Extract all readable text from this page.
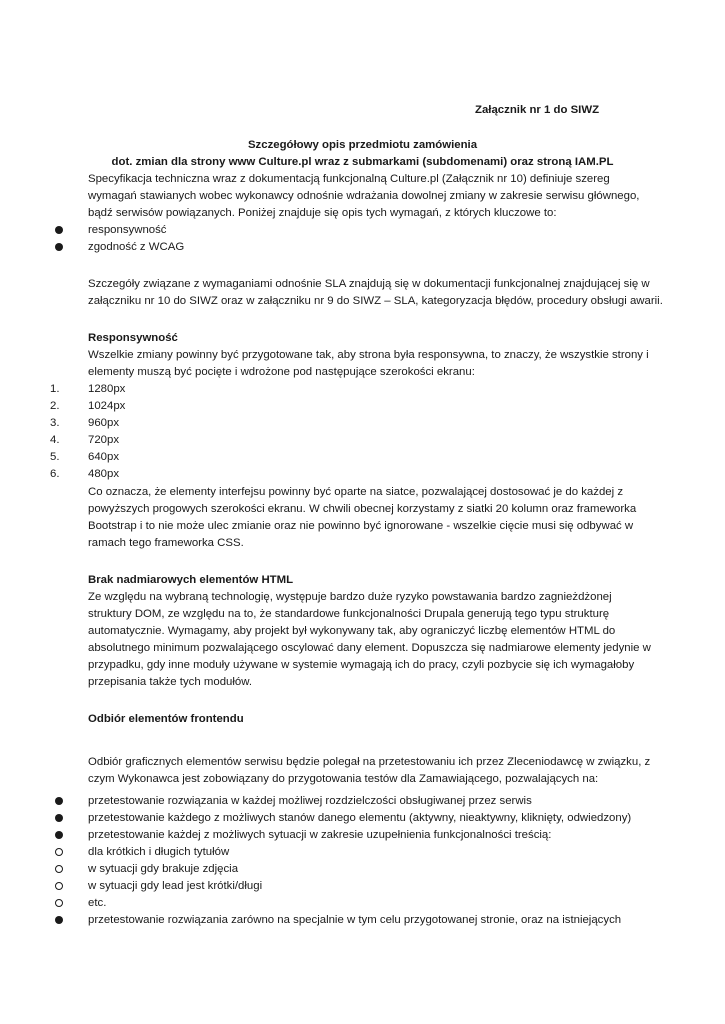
Załącznik nr 1 do SIWZ
Szczegółowy opis przedmiotu zamówienia
dot. zmian dla strony www Culture.pl wraz z submarkami (subdomenami) oraz stroną IAM.PL
Specyfikacja techniczna wraz z dokumentacją funkcjonalną Culture.pl (Załącznik nr 10) definiuje szereg
wymagań stawianych wobec wykonawcy odnośnie wdrażania dowolnej zmiany w zakresie serwisu głównego,
bądź serwisów powiązanych. Poniżej znajduje się opis tych wymagań, z których kluczowe to:
responsywność
zgodność z WCAG
Szczegóły związane z wymaganiami odnośnie SLA znajdują się w dokumentacji funkcjonalnej znajdującej się w
załączniku nr 10 do SIWZ oraz w załączniku nr 9 do SIWZ – SLA, kategoryzacja błędów, procedury obsługi awarii.
Responsywność
Wszelkie zmiany powinny być przygotowane tak, aby strona była responsywna, to znaczy, że wszystkie strony i
elementy muszą być pocięte i wdrożone pod następujące szerokości ekranu:
1.	1280px
2.	1024px
3.	960px
4.	720px
5.	640px
6.	480px
Co oznacza, że elementy interfejsu powinny być oparte na siatce, pozwalającej dostosować je do każdej z
powyższych progowych szerokości ekranu. W chwili obecnej korzystamy z siatki 20 kolumn oraz frameworka
Bootstrap i to nie może ulec zmianie oraz nie powinno być ignorowane - wszelkie cięcie musi się odbywać w
ramach tego frameworka CSS.
Brak nadmiarowych elementów HTML
Ze względu na wybraną technologię, występuje bardzo duże ryzyko powstawania bardzo zagnieżdżonej
struktury DOM, ze względu na to, że standardowe funkcjonalności Drupala generują tego typu strukturę
automatycznie. Wymagamy, aby projekt był wykonywany tak, aby ograniczyć liczbę elementów HTML do
absolutnego minimum pozwalającego oscylować dany element. Dopuszcza się nadmiarowe elementy jedynie w
przypadku, gdy inne moduły używane w systemie wymagają ich do pracy, czyli pozbycie się ich wymagałoby
przepisania także tych modułów.
Odbiór elementów frontendu
Odbiór graficznych elementów serwisu będzie polegał na przetestowaniu ich przez Zleceniodawcę w związku, z
czym Wykonawca jest zobowiązany do przygotowania testów dla Zamawiającego, pozwalających na:
przetestowanie rozwiązania w każdej możliwej rozdzielczości obsługiwanej przez serwis
przetestowanie każdego z możliwych stanów danego elementu (aktywny, nieaktywny, kliknięty, odwiedzony)
przetestowanie każdej z możliwych sytuacji w zakresie uzupełnienia funkcjonalności treścią:
dla krótkich i długich tytułów
w sytuacji gdy brakuje zdjęcia
w sytuacji gdy lead jest krótki/długi
etc.
przetestowanie rozwiązania zarówno na specjalnie w tym celu przygotowanej stronie, oraz na istniejących
